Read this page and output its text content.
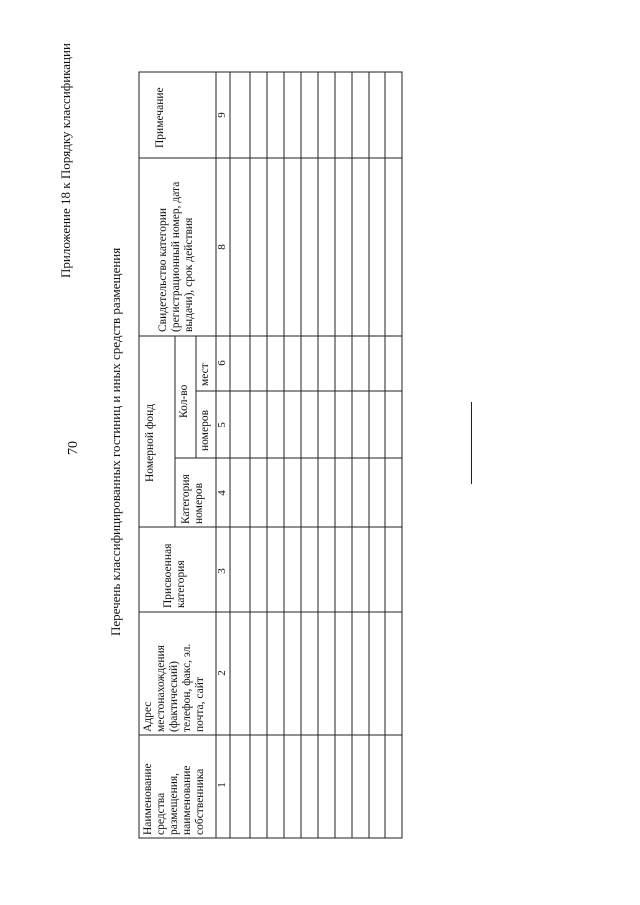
70
Приложение 18 к Порядку классификации
Перечень классифицированных гостиниц и иных средств размещения
Наименование средства размещения, наименование собственника
Адрес местонахождения (фактический) телефон, факс, эл. почта, сайт
Присвоенная категория
Номерной фонд
Категория номеров
Кол-во
номеров
мест
Свидетельство категории (регистрационный номер, дата выдачи), срок действия
Примечание
1
2
3
4
5
6
8
9
